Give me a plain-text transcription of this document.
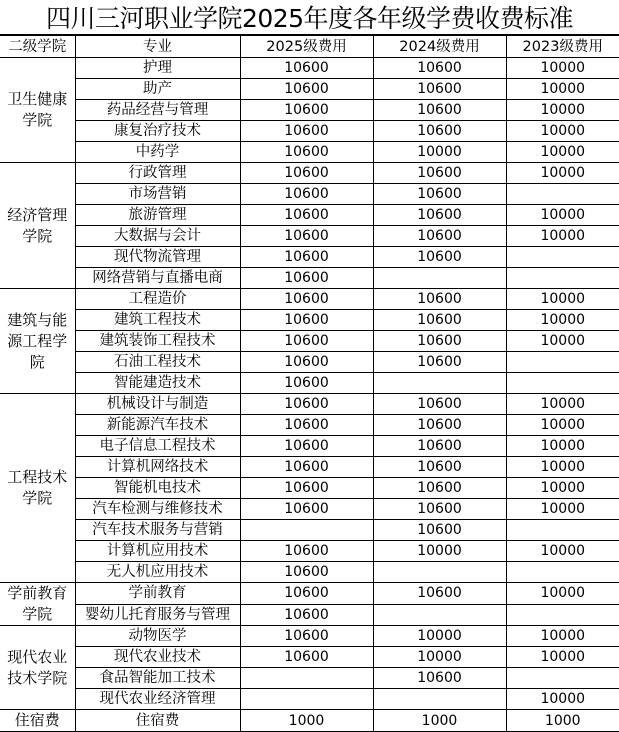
四川三河职业学院2025年度各年级学费收费标准
二级学院	专业	2025级费用	2024级费用	2023级费用
卫生健康学院	护理	10600	10600	10000
	助产	10600	10600	10000
	药品经营与管理	10600	10600	10000
	康复治疗技术	10600	10600	10000
	中药学	10600	10000	10000
经济管理学院	行政管理	10600	10600	10000
	市场营销	10600	10600	
	旅游管理	10600	10600	10000
	大数据与会计	10600	10600	10000
	现代物流管理	10600	10600	
	网络营销与直播电商	10600		
建筑与能源工程学院	工程造价	10600	10600	10000
	建筑工程技术	10600	10600	10000
	建筑装饰工程技术	10600	10600	10000
	石油工程技术	10600	10600	
	智能建造技术	10600		
工程技术学院	机械设计与制造	10600	10600	10000
	新能源汽车技术	10600	10600	10000
	电子信息工程技术	10600	10600	10000
	计算机网络技术	10600	10600	10000
	智能机电技术	10600	10600	10000
	汽车检测与维修技术	10600	10600	10000
	汽车技术服务与营销		10600	
	计算机应用技术	10600	10000	10000
	无人机应用技术	10600		
学前教育学院	学前教育	10600	10600	10000
	婴幼儿托育服务与管理	10600		
现代农业技术学院	动物医学	10600	10000	10000
	现代农业技术	10600	10000	10000
	食品智能加工技术		10600	
	现代农业经济管理			10000
住宿费	住宿费	1000	1000	1000
